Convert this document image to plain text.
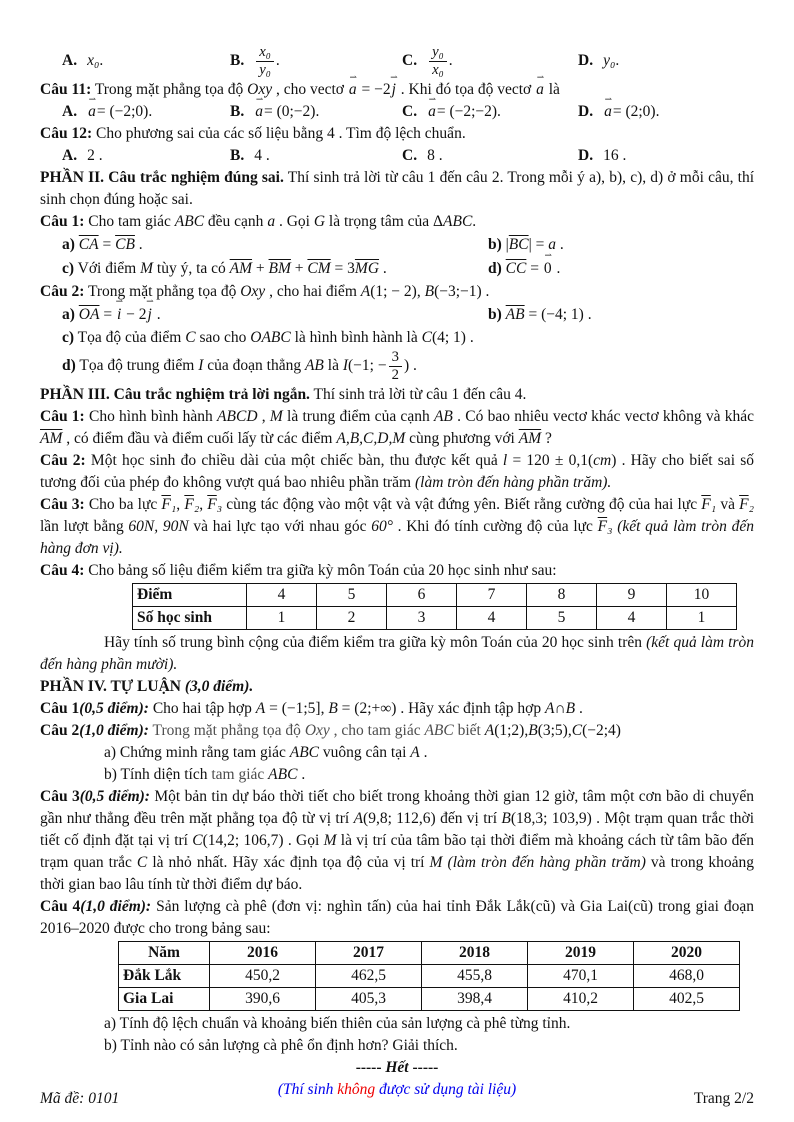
A. x₀ .	B. $\frac{\text{x₀}}{\text{y₀}}$ .	C. $\frac{\text{y₀}}{\text{x₀}}$ .	D. y₀ .
Câu 11: Trong mặt phẳng tọa độ Oxy , cho vectơ a ⇀ = −2j ⇀ . Khi đó tọa độ vectơ a ⇀ là
A. a ⇀ = (−2;0).	B. a ⇀ = (0;−2).	C. a ⇀ = (−2;−2).	D. a ⇀ = (2;0).
Câu 12: Cho phương sai của các số liệu bằng 4 . Tìm độ lệch chuẩn.
A. 2 .	B. 4 .	C. 8 .	D. 16 .
PHẦN II. Câu trắc nghiệm đúng sai. Thí sinh trả lời từ câu 1 đến câu 2. Trong mỗi ý a), b), c), d) ở mỗi câu, thí sinh chọn đúng hoặc sai.
Câu 1: Cho tam giác ABC đều cạnh a . Gọi G là trọng tâm của ΔABC.
a) $\overline{CA} = \overline{CB}$ .	b) $|\overline{BC}| = a$ .
c) Với điểm M tùy ý, ta có $\overline{AM} + \overline{BM} + \overline{CM} = 3\overline{MG}$ .	d) $\overline{CC} = 0$ ⇀ .
Câu 2: Trong mặt phẳng tọa độ Oxy , cho hai điểm A(1; − 2), B(−3;−1) .
a) $\overline{OA} = i$ ⇀ − 2j ⇀ .	b) $\overline{AB} = (-4$; 1) .
c) Tọa độ của điểm C sao cho OABC là hình bình hành là C(4; 1) .
d) Tọa độ trung điểm I của đoạn thẳng AB là I(−1; − $\frac{3}{2}$ ) .
PHẦN III. Câu trắc nghiệm trả lời ngắn. Thí sinh trả lời từ câu 1 đến câu 4.
Câu 1: Cho hình bình hành ABCD , M là trung điểm của cạnh AB . Có bao nhiêu vectơ khác vectơ không và khác $\overline{AM}$ , có điểm đầu và điểm cuối lấy từ các điểm A,B,C,D,M cùng phương với $\overline{AM}$ ?
Câu 2: Một học sinh đo chiều dài của một chiếc bàn, thu được kết quả l = 120 ± 0,1(cm) . Hãy cho biết sai số tương đối của phép đo không vượt quá bao nhiêu phần trăm (làm tròn đến hàng phần trăm).
Câu 3: Cho ba lực $\overline{F}_1$, $\overline{F}_2$, $\overline{F}_3$ cùng tác động vào một vật và vật đứng yên. Biết rằng cường độ của hai lực $\overline{F}_1$ và $\overline{F}_2$ lần lượt bằng 60N, 90N và hai lực tạo với nhau góc 60° . Khi đó tính cường độ của lực $\overline{F}_3$ (kết quả làm tròn đến hàng đơn vị).
Câu 4: Cho bảng số liệu điểm kiểm tra giữa kỳ môn Toán của 20 học sinh như sau:
Điểm	4	5	6	7	8	9	10
Số học sinh	1	2	3	4	5	4	1
Hãy tính số trung bình cộng của điểm kiểm tra giữa kỳ môn Toán của 20 học sinh trên (kết quả làm tròn đến hàng phần mười).
PHẦN IV. TỰ LUẬN (3,0 điểm).
Câu 1(0,5 điểm): Cho hai tập hợp A = (−1;5], B = (2;+∞) . Hãy xác định tập hợp A∩B .
Câu 2(1,0 điểm): Trong mặt phẳng tọa độ Oxy , cho tam giác ABC biết A(1;2),B(3;5),C(−2;4)
a) Chứng minh rằng tam giác ABC vuông cân tại A .
b) Tính diện tích tam giác ABC .
Câu 3(0,5 điểm): Một bản tin dự báo thời tiết cho biết trong khoảng thời gian 12 giờ, tâm một cơn bão di chuyển gần như thẳng đều trên mặt phẳng tọa độ từ vị trí A(9,8; 112,6) đến vị trí B(18,3; 103,9) . Một trạm quan trắc thời tiết cố định đặt tại vị trí C(14,2; 106,7) . Gọi M là vị trí của tâm bão tại thời điểm mà khoảng cách từ tâm bão đến trạm quan trắc C là nhỏ nhất. Hãy xác định tọa độ của vị trí M (làm tròn đến hàng phần trăm) và trong khoảng thời gian bao lâu tính từ thời điểm dự báo.
Câu 4(1,0 điểm): Sản lượng cà phê (đơn vị: nghìn tấn) của hai tỉnh Đắk Lắk(cũ) và Gia Lai(cũ) trong giai đoạn 2016–2020 được cho trong bảng sau:
Năm	2016	2017	2018	2019	2020
Đắk Lắk	450,2	462,5	455,8	470,1	468,0
Gia Lai	390,6	405,3	398,4	410,2	402,5
a) Tính độ lệch chuẩn và khoảng biến thiên của sản lượng cà phê từng tỉnh.
b) Tỉnh nào có sản lượng cà phê ổn định hơn? Giải thích.
----- Hết -----
(Thí sinh không được sử dụng tài liệu)
Mã đề: 0101	Trang 2/2
